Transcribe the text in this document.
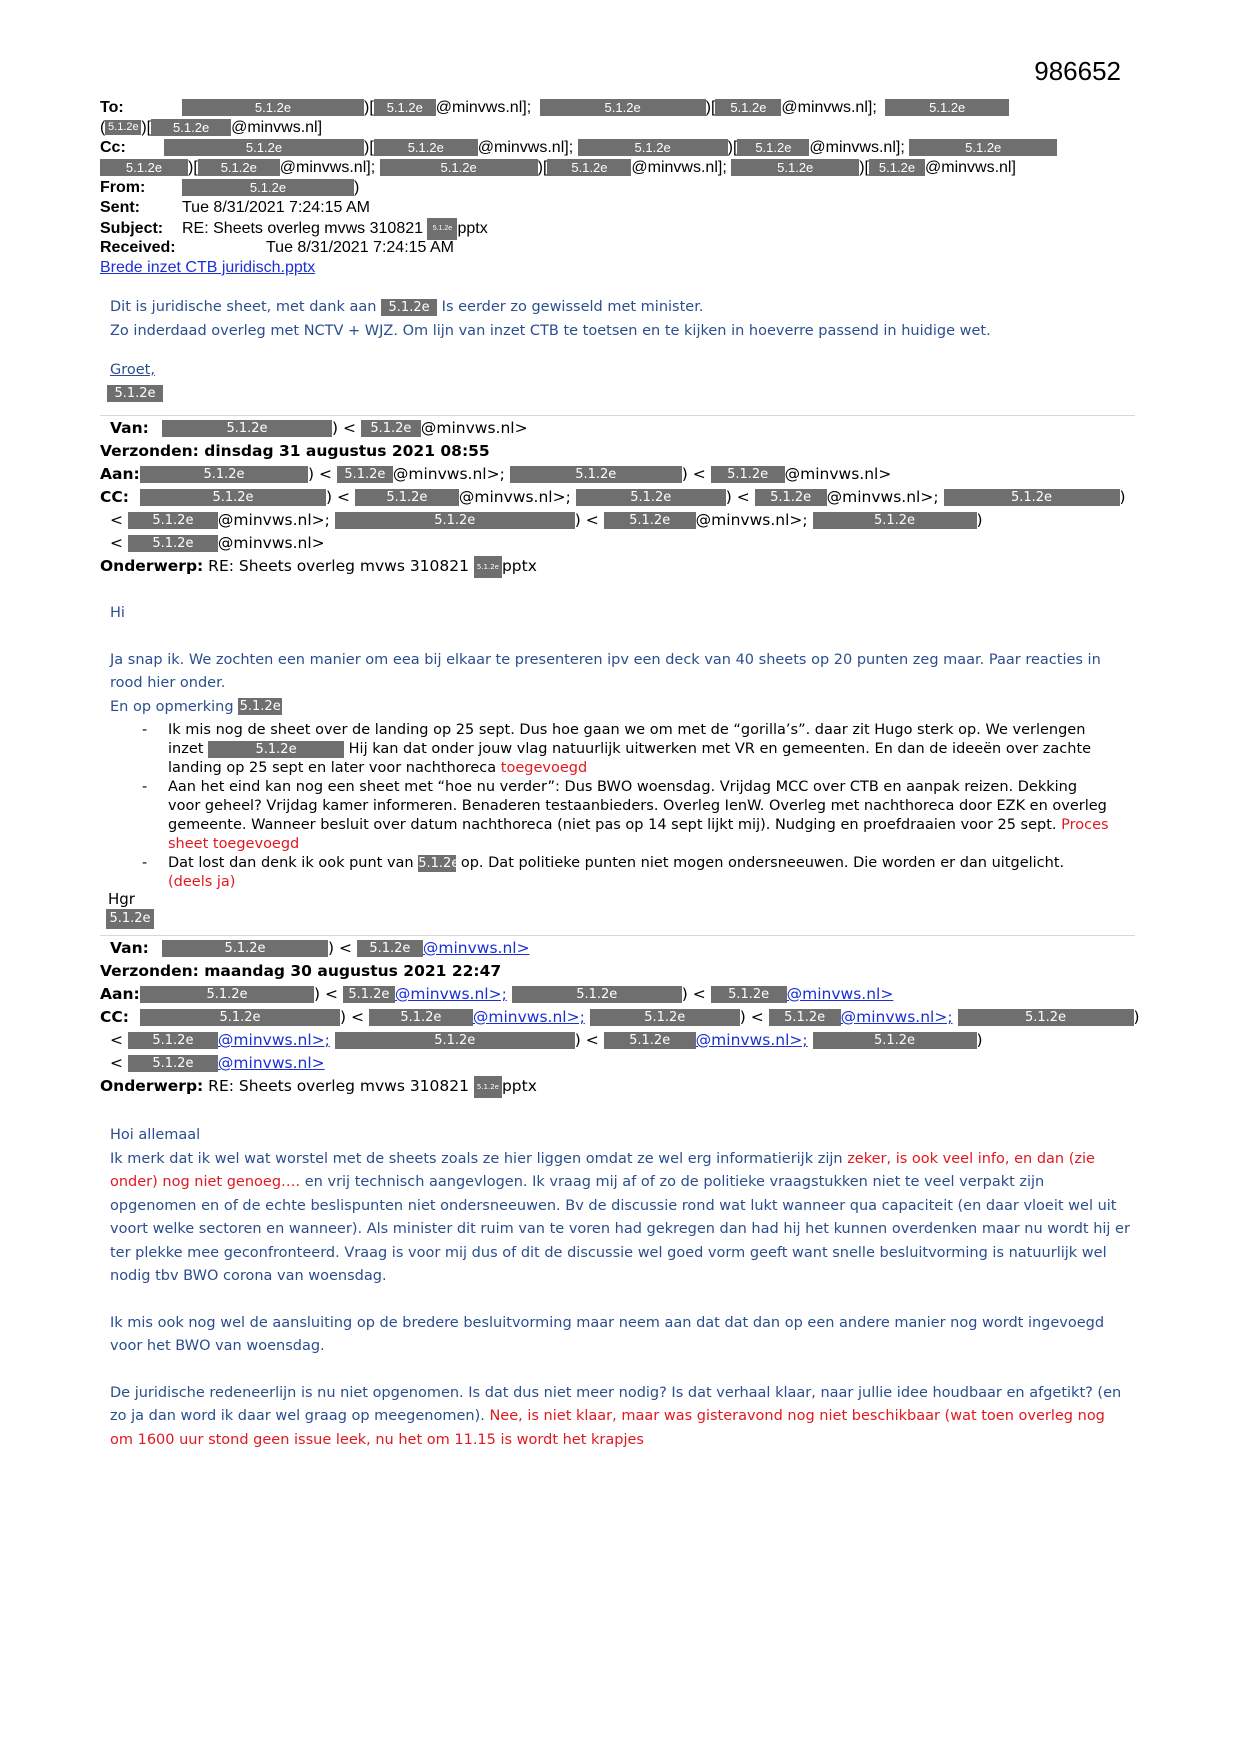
986652
To:	5.1.2e	)[ 5.1.2e @minvws.nl];	5.1.2e	)[ 5.1.2e @minvws.nl];	5.1.2e
( 5.1.2e )[ 5.1.2e @minvws.nl]
Cc:	5.1.2e	)[	5.1.2e @minvws.nl];	5.1.2e	)[ 5.1.2e @minvws.nl];	5.1.2e
5.1.2e )[ 5.1.2e @minvws.nl];	5.1.2e	)[ 5.1.2e @minvws.nl];	5.1.2e	)[ 5.1.2e @minvws.nl]
From:	5.1.2e	)
Sent:	Tue 8/31/2021 7:24:15 AM
Subject: RE: Sheets overleg mvws 310821 5.1.2e pptx
Received:	Tue 8/31/2021 7:24:15 AM
Brede inzet CTB juridisch.pptx
Dit is juridische sheet, met dank aan 5.1.2e Is eerder zo gewisseld met minister.
Zo inderdaad overleg met NCTV + WJZ. Om lijn van inzet CTB te toetsen en te kijken in hoeverre passend in huidige wet.
Groet,
5.1.2e
Van:	5.1.2e	) < 5.1.2e @minvws.nl>
Verzonden: dinsdag 31 augustus 2021 08:55
Aan:	5.1.2e	) < 5.1.2e @minvws.nl>;	5.1.2e	) < 5.1.2e @minvws.nl>
CC:	5.1.2e	) < 5.1.2e @minvws.nl>;	5.1.2e	) < 5.1.2e @minvws.nl>;	5.1.2e	)
< 5.1.2e @minvws.nl>;	5.1.2e	) < 5.1.2e @minvws.nl>;	5.1.2e	)
< 5.1.2e @minvws.nl>
Onderwerp: RE: Sheets overleg mvws 310821 5.1.2e pptx
Hi
Ja snap ik. We zochten een manier om eea bij elkaar te presenteren ipv een deck van 40 sheets op 20 punten zeg maar. Paar reacties in rood hier onder.
En op opmerking 5.1.2e
- Ik mis nog de sheet over de landing op 25 sept. Dus hoe gaan we om met de “gorilla’s”. daar zit Hugo sterk op. We verlengen inzet	5.1.2e	Hij kan dat onder jouw vlag natuurlijk uitwerken met VR en gemeenten. En dan de ideeën over zachte landing op 25 sept en later voor nachthoreca toegevoegd
- Aan het eind kan nog een sheet met “hoe nu verder”: Dus BWO woensdag. Vrijdag MCC over CTB en aanpak reizen. Dekking voor geheel? Vrijdag kamer informeren. Benaderen testaanbieders. Overleg IenW. Overleg met nachthoreca door EZK en overleg gemeente. Wanneer besluit over datum nachthoreca (niet pas op 14 sept lijkt mij). Nudging en proefdraaien voor 25 sept. Proces sheet toegevoegd
- Dat lost dan denk ik ook punt van 5.1.2e op. Dat politieke punten niet mogen ondersneeuwen. Die worden er dan uitgelicht. (deels ja)
Hgr
5.1.2e
Van:	5.1.2e	) < 5.1.2e @minvws.nl>
Verzonden: maandag 30 augustus 2021 22:47
Aan:	5.1.2e	) < 5.1.2e @minvws.nl>;	5.1.2e	) < 5.1.2e @minvws.nl>
CC:	5.1.2e	) < 5.1.2e @minvws.nl>;	5.1.2e	) < 5.1.2e @minvws.nl>;	5.1.2e	)
< 5.1.2e @minvws.nl>;	5.1.2e	) < 5.1.2e @minvws.nl>;	5.1.2e	)
< 5.1.2e @minvws.nl>
Onderwerp: RE: Sheets overleg mvws 310821 5.1.2e pptx
Hoi allemaal
Ik merk dat ik wel wat worstel met de sheets zoals ze hier liggen omdat ze wel erg informatierijk zijn zeker, is ook veel info, en dan (zie onder) nog niet genoeg…. en vrij technisch aangevlogen. Ik vraag mij af of zo de politieke vraagstukken niet te veel verpakt zijn opgenomen en of de echte beslispunten niet ondersneeuwen. Bv de discussie rond wat lukt wanneer qua capaciteit (en daar vloeit wel uit voort welke sectoren en wanneer). Als minister dit ruim van te voren had gekregen dan had hij het kunnen overdenken maar nu wordt hij er ter plekke mee geconfronteerd. Vraag is voor mij dus of dit de discussie wel goed vorm geeft want snelle besluitvorming is natuurlijk wel nodig tbv BWO corona van woensdag.
Ik mis ook nog wel de aansluiting op de bredere besluitvorming maar neem aan dat dat dan op een andere manier nog wordt ingevoegd voor het BWO van woensdag.
De juridische redeneerlijn is nu niet opgenomen. Is dat dus niet meer nodig? Is dat verhaal klaar, naar jullie idee houdbaar en afgetikt? (en zo ja dan word ik daar wel graag op meegenomen). Nee, is niet klaar, maar was gisteravond nog niet beschikbaar (wat toen overleg nog om 1600 uur stond geen issue leek, nu het om 11.15 is wordt het krapjes
